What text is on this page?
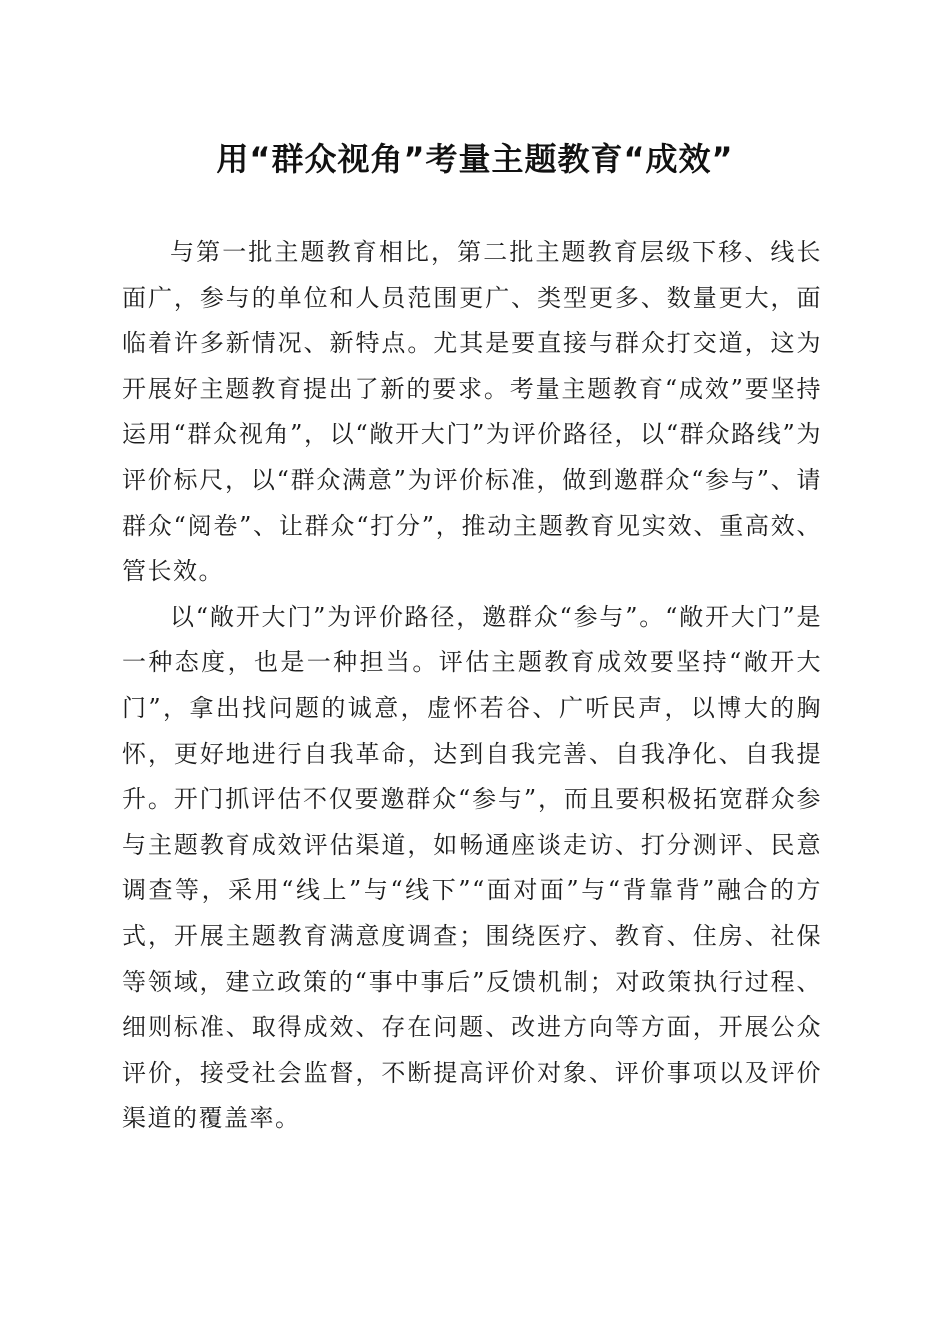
用“群众视角”考量主题教育“成效”

与第一批主题教育相比，第二批主题教育层级下移、线长面广，参与的单位和人员范围更广、类型更多、数量更大，面临着许多新情况、新特点。尤其是要直接与群众打交道，这为开展好主题教育提出了新的要求。考量主题教育“成效”要坚持运用“群众视角”，以“敞开大门”为评价路径，以“群众路线”为评价标尺，以“群众满意”为评价标准，做到邀群众“参与”、请群众“阅卷”、让群众“打分”，推动主题教育见实效、重高效、管长效。

以“敞开大门”为评价路径，邀群众“参与”。“敞开大门”是一种态度，也是一种担当。评估主题教育成效要坚持“敞开大门”，拿出找问题的诚意，虚怀若谷、广听民声，以博大的胸怀，更好地进行自我革命，达到自我完善、自我净化、自我提升。开门抓评估不仅要邀群众“参与”，而且要积极拓宽群众参与主题教育成效评估渠道，如畅通座谈走访、打分测评、民意调查等，采用“线上”与“线下”“面对面”与“背靠背”融合的方式，开展主题教育满意度调查；围绕医疗、教育、住房、社保等领域，建立政策的“事中事后”反馈机制；对政策执行过程、细则标准、取得成效、存在问题、改进方向等方面，开展公众评价，接受社会监督，不断提高评价对象、评价事项以及评价渠道的覆盖率。
